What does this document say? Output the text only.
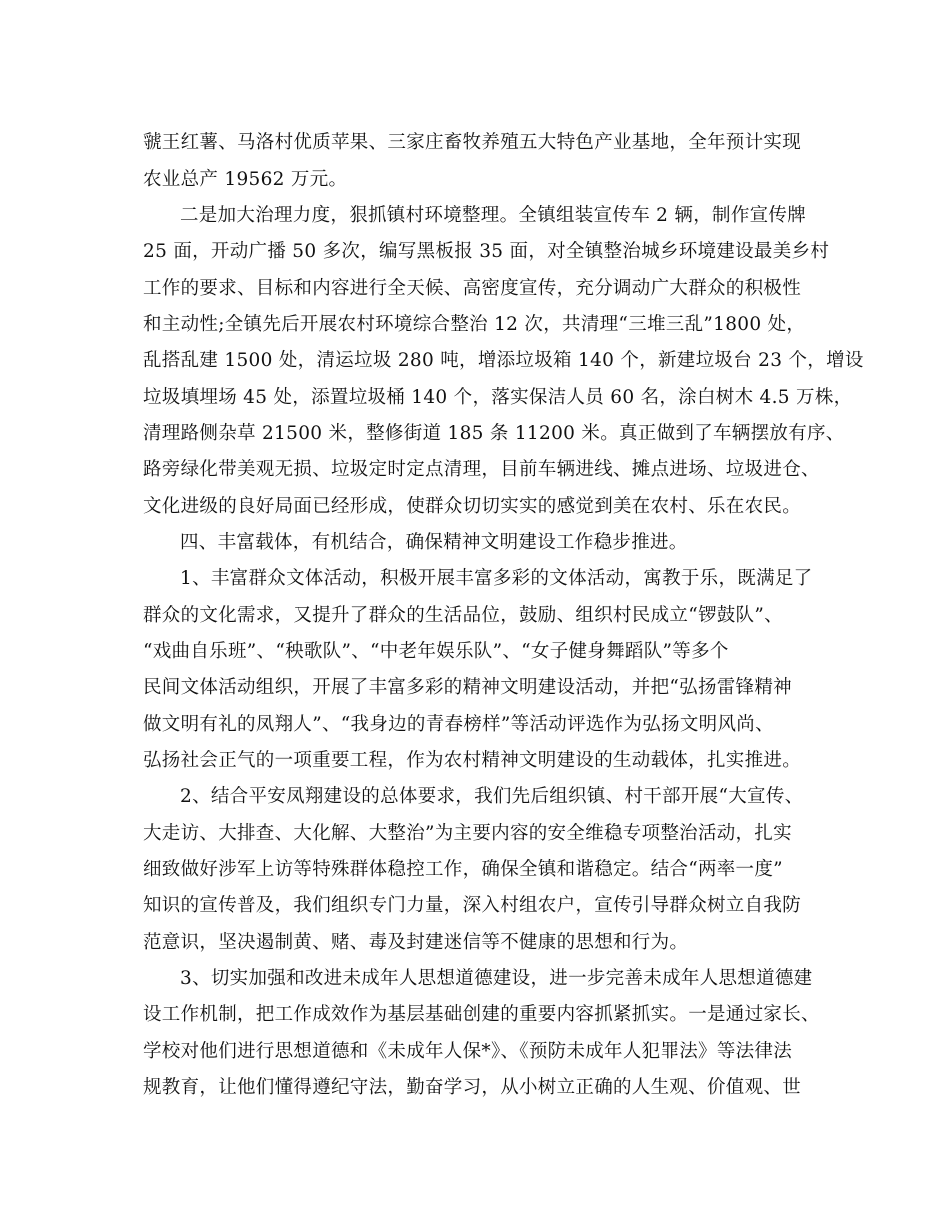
虢王红薯、马洛村优质苹果、三家庄畜牧养殖五大特色产业基地，全年预计实现
农业总产 19562 万元。
二是加大治理力度，狠抓镇村环境整理。全镇组装宣传车 2 辆，制作宣传牌
25 面，开动广播 50 多次，编写黑板报 35 面，对全镇整治城乡环境建设最美乡村
工作的要求、目标和内容进行全天候、高密度宣传，充分调动广大群众的积极性
和主动性;全镇先后开展农村环境综合整治 12 次，共清理“三堆三乱”1800 处，
乱搭乱建 1500 处，清运垃圾 280 吨，增添垃圾箱 140 个，新建垃圾台 23 个，增设
垃圾填埋场 45 处，添置垃圾桶 140 个，落实保洁人员 60 名，涂白树木 4.5 万株，
清理路侧杂草 21500 米，整修街道 185 条 11200 米。真正做到了车辆摆放有序、
路旁绿化带美观无损、垃圾定时定点清理，目前车辆进线、摊点进场、垃圾进仓、
文化进级的良好局面已经形成，使群众切切实实的感觉到美在农村、乐在农民。
四、丰富载体，有机结合，确保精神文明建设工作稳步推进。
1、丰富群众文体活动，积极开展丰富多彩的文体活动，寓教于乐，既满足了
群众的文化需求，又提升了群众的生活品位，鼓励、组织村民成立“锣鼓队”、
“戏曲自乐班”、“秧歌队”、“中老年娱乐队”、“女子健身舞蹈队”等多个
民间文体活动组织，开展了丰富多彩的精神文明建设活动，并把“弘扬雷锋精神
做文明有礼的凤翔人”、“我身边的青春榜样”等活动评选作为弘扬文明风尚、
弘扬社会正气的一项重要工程，作为农村精神文明建设的生动载体，扎实推进。
2、结合平安凤翔建设的总体要求，我们先后组织镇、村干部开展“大宣传、
大走访、大排查、大化解、大整治”为主要内容的安全维稳专项整治活动，扎实
细致做好涉军上访等特殊群体稳控工作，确保全镇和谐稳定。结合“两率一度”
知识的宣传普及，我们组织专门力量，深入村组农户，宣传引导群众树立自我防
范意识，坚决遏制黄、赌、毒及封建迷信等不健康的思想和行为。
3、切实加强和改进未成年人思想道德建设，进一步完善未成年人思想道德建
设工作机制，把工作成效作为基层基础创建的重要内容抓紧抓实。一是通过家长、
学校对他们进行思想道德和《未成年人保*》、《预防未成年人犯罪法》等法律法
规教育，让他们懂得遵纪守法，勤奋学习，从小树立正确的人生观、价值观、世
